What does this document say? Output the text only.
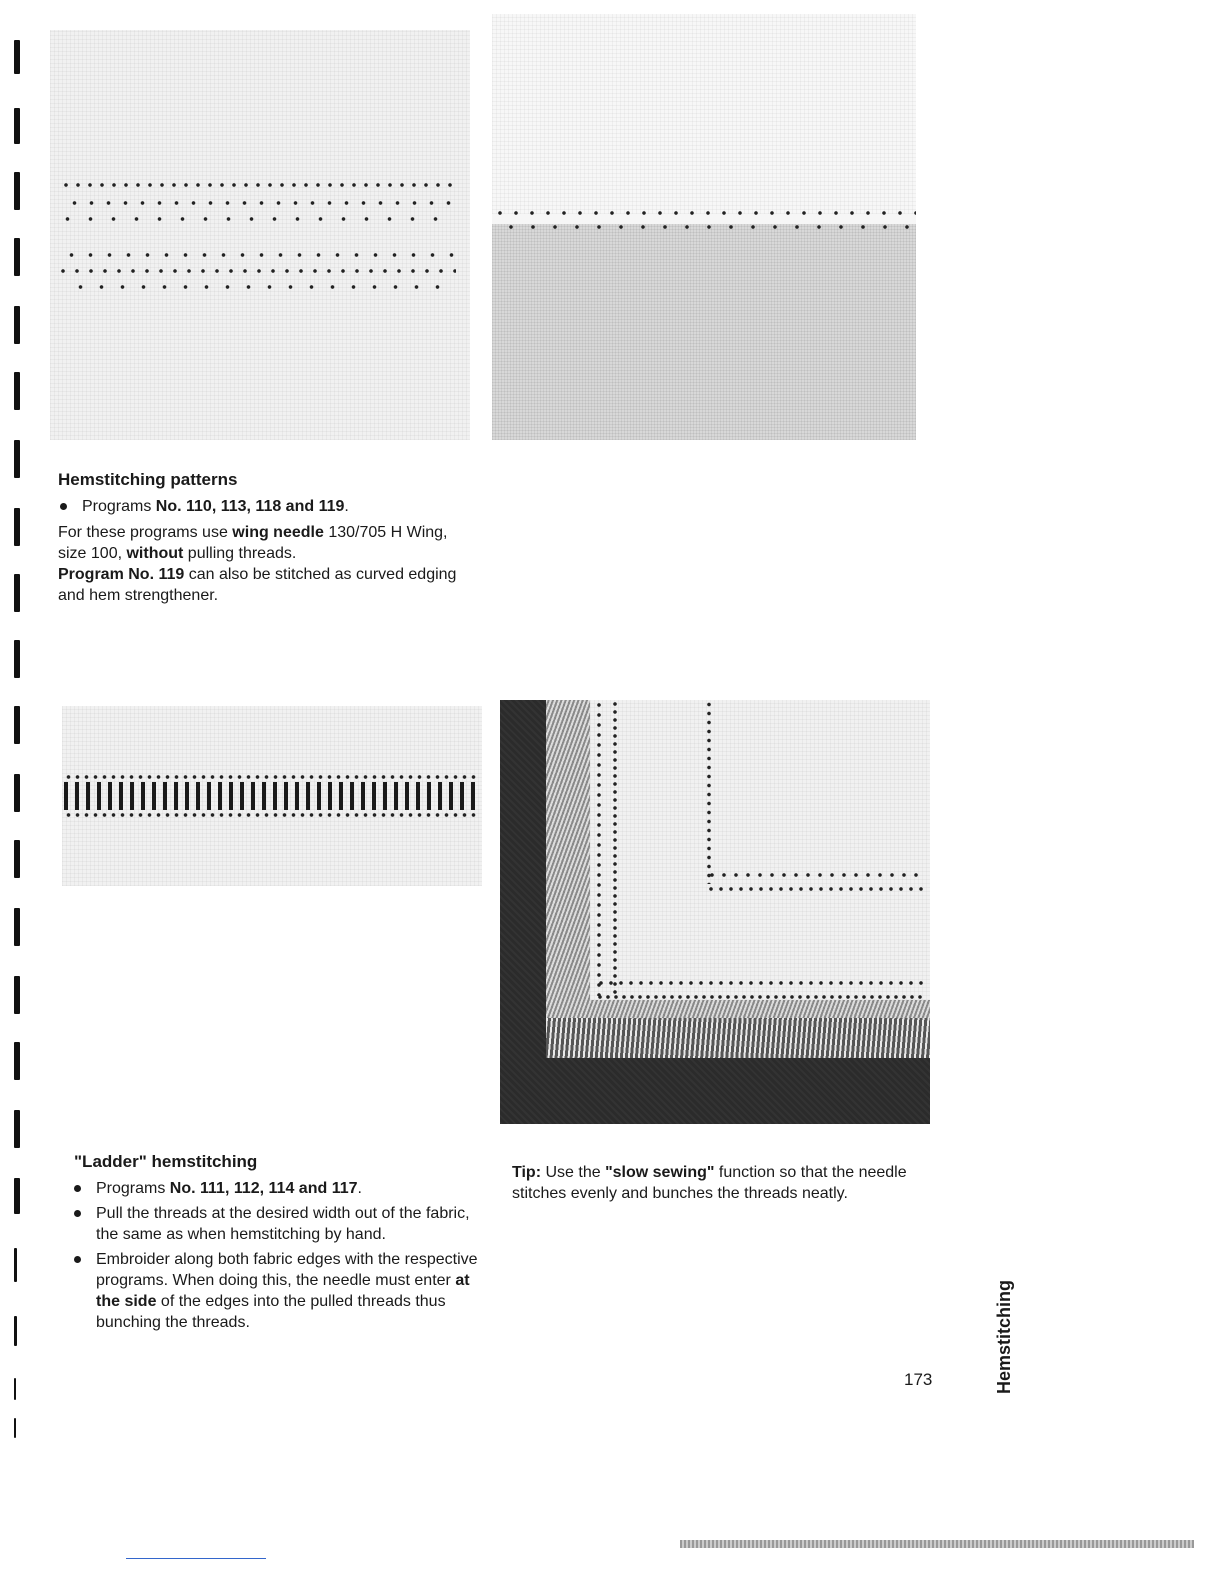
Hemstitching patterns
Programs No. 110, 113, 118 and 119.

For these programs use wing needle 130/705 H Wing, size 100, without pulling threads.
Program No. 119 can also be stitched as curved edging and hem strengthener.

"Ladder" hemstitching
Programs No. 111, 112, 114 and 117.
Pull the threads at the desired width out of the fabric, the same as when hemstitching by hand.
Embroider along both fabric edges with the respective programs. When doing this, the needle must enter at the side of the edges into the pulled threads thus bunching the threads.

Tip: Use the "slow sewing" function so that the needle stitches evenly and bunches the threads neatly.

173	Hemstitching
